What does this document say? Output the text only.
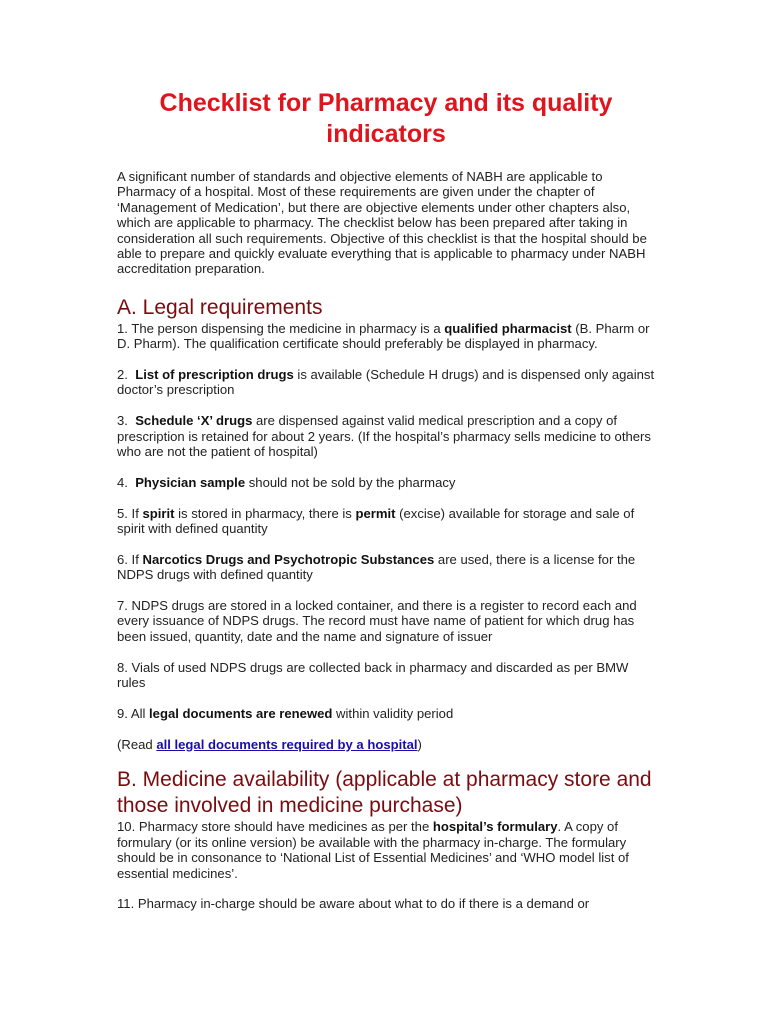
Checklist for Pharmacy and its quality indicators

A significant number of standards and objective elements of NABH are applicable to Pharmacy of a hospital. Most of these requirements are given under the chapter of ‘Management of Medication’, but there are objective elements under other chapters also, which are applicable to pharmacy. The checklist below has been prepared after taking in consideration all such requirements. Objective of this checklist is that the hospital should be able to prepare and quickly evaluate everything that is applicable to pharmacy under NABH accreditation preparation.

A. Legal requirements

1. The person dispensing the medicine in pharmacy is a qualified pharmacist (B. Pharm or D. Pharm). The qualification certificate should preferably be displayed in pharmacy.

2.  List of prescription drugs is available (Schedule H drugs) and is dispensed only against doctor’s prescription

3.  Schedule ‘X’ drugs are dispensed against valid medical prescription and a copy of prescription is retained for about 2 years. (If the hospital’s pharmacy sells medicine to others who are not the patient of hospital)

4.  Physician sample should not be sold by the pharmacy

5. If spirit is stored in pharmacy, there is permit (excise) available for storage and sale of spirit with defined quantity

6. If Narcotics Drugs and Psychotropic Substances are used, there is a license for the NDPS drugs with defined quantity

7. NDPS drugs are stored in a locked container, and there is a register to record each and every issuance of NDPS drugs. The record must have name of patient for which drug has been issued, quantity, date and the name and signature of issuer

8. Vials of used NDPS drugs are collected back in pharmacy and discarded as per BMW rules

9. All legal documents are renewed within validity period

(Read all legal documents required by a hospital)

B. Medicine availability (applicable at pharmacy store and those involved in medicine purchase)

10. Pharmacy store should have medicines as per the hospital’s formulary. A copy of formulary (or its online version) be available with the pharmacy in-charge. The formulary should be in consonance to ‘National List of Essential Medicines’ and ‘WHO model list of essential medicines’.

11. Pharmacy in-charge should be aware about what to do if there is a demand or
